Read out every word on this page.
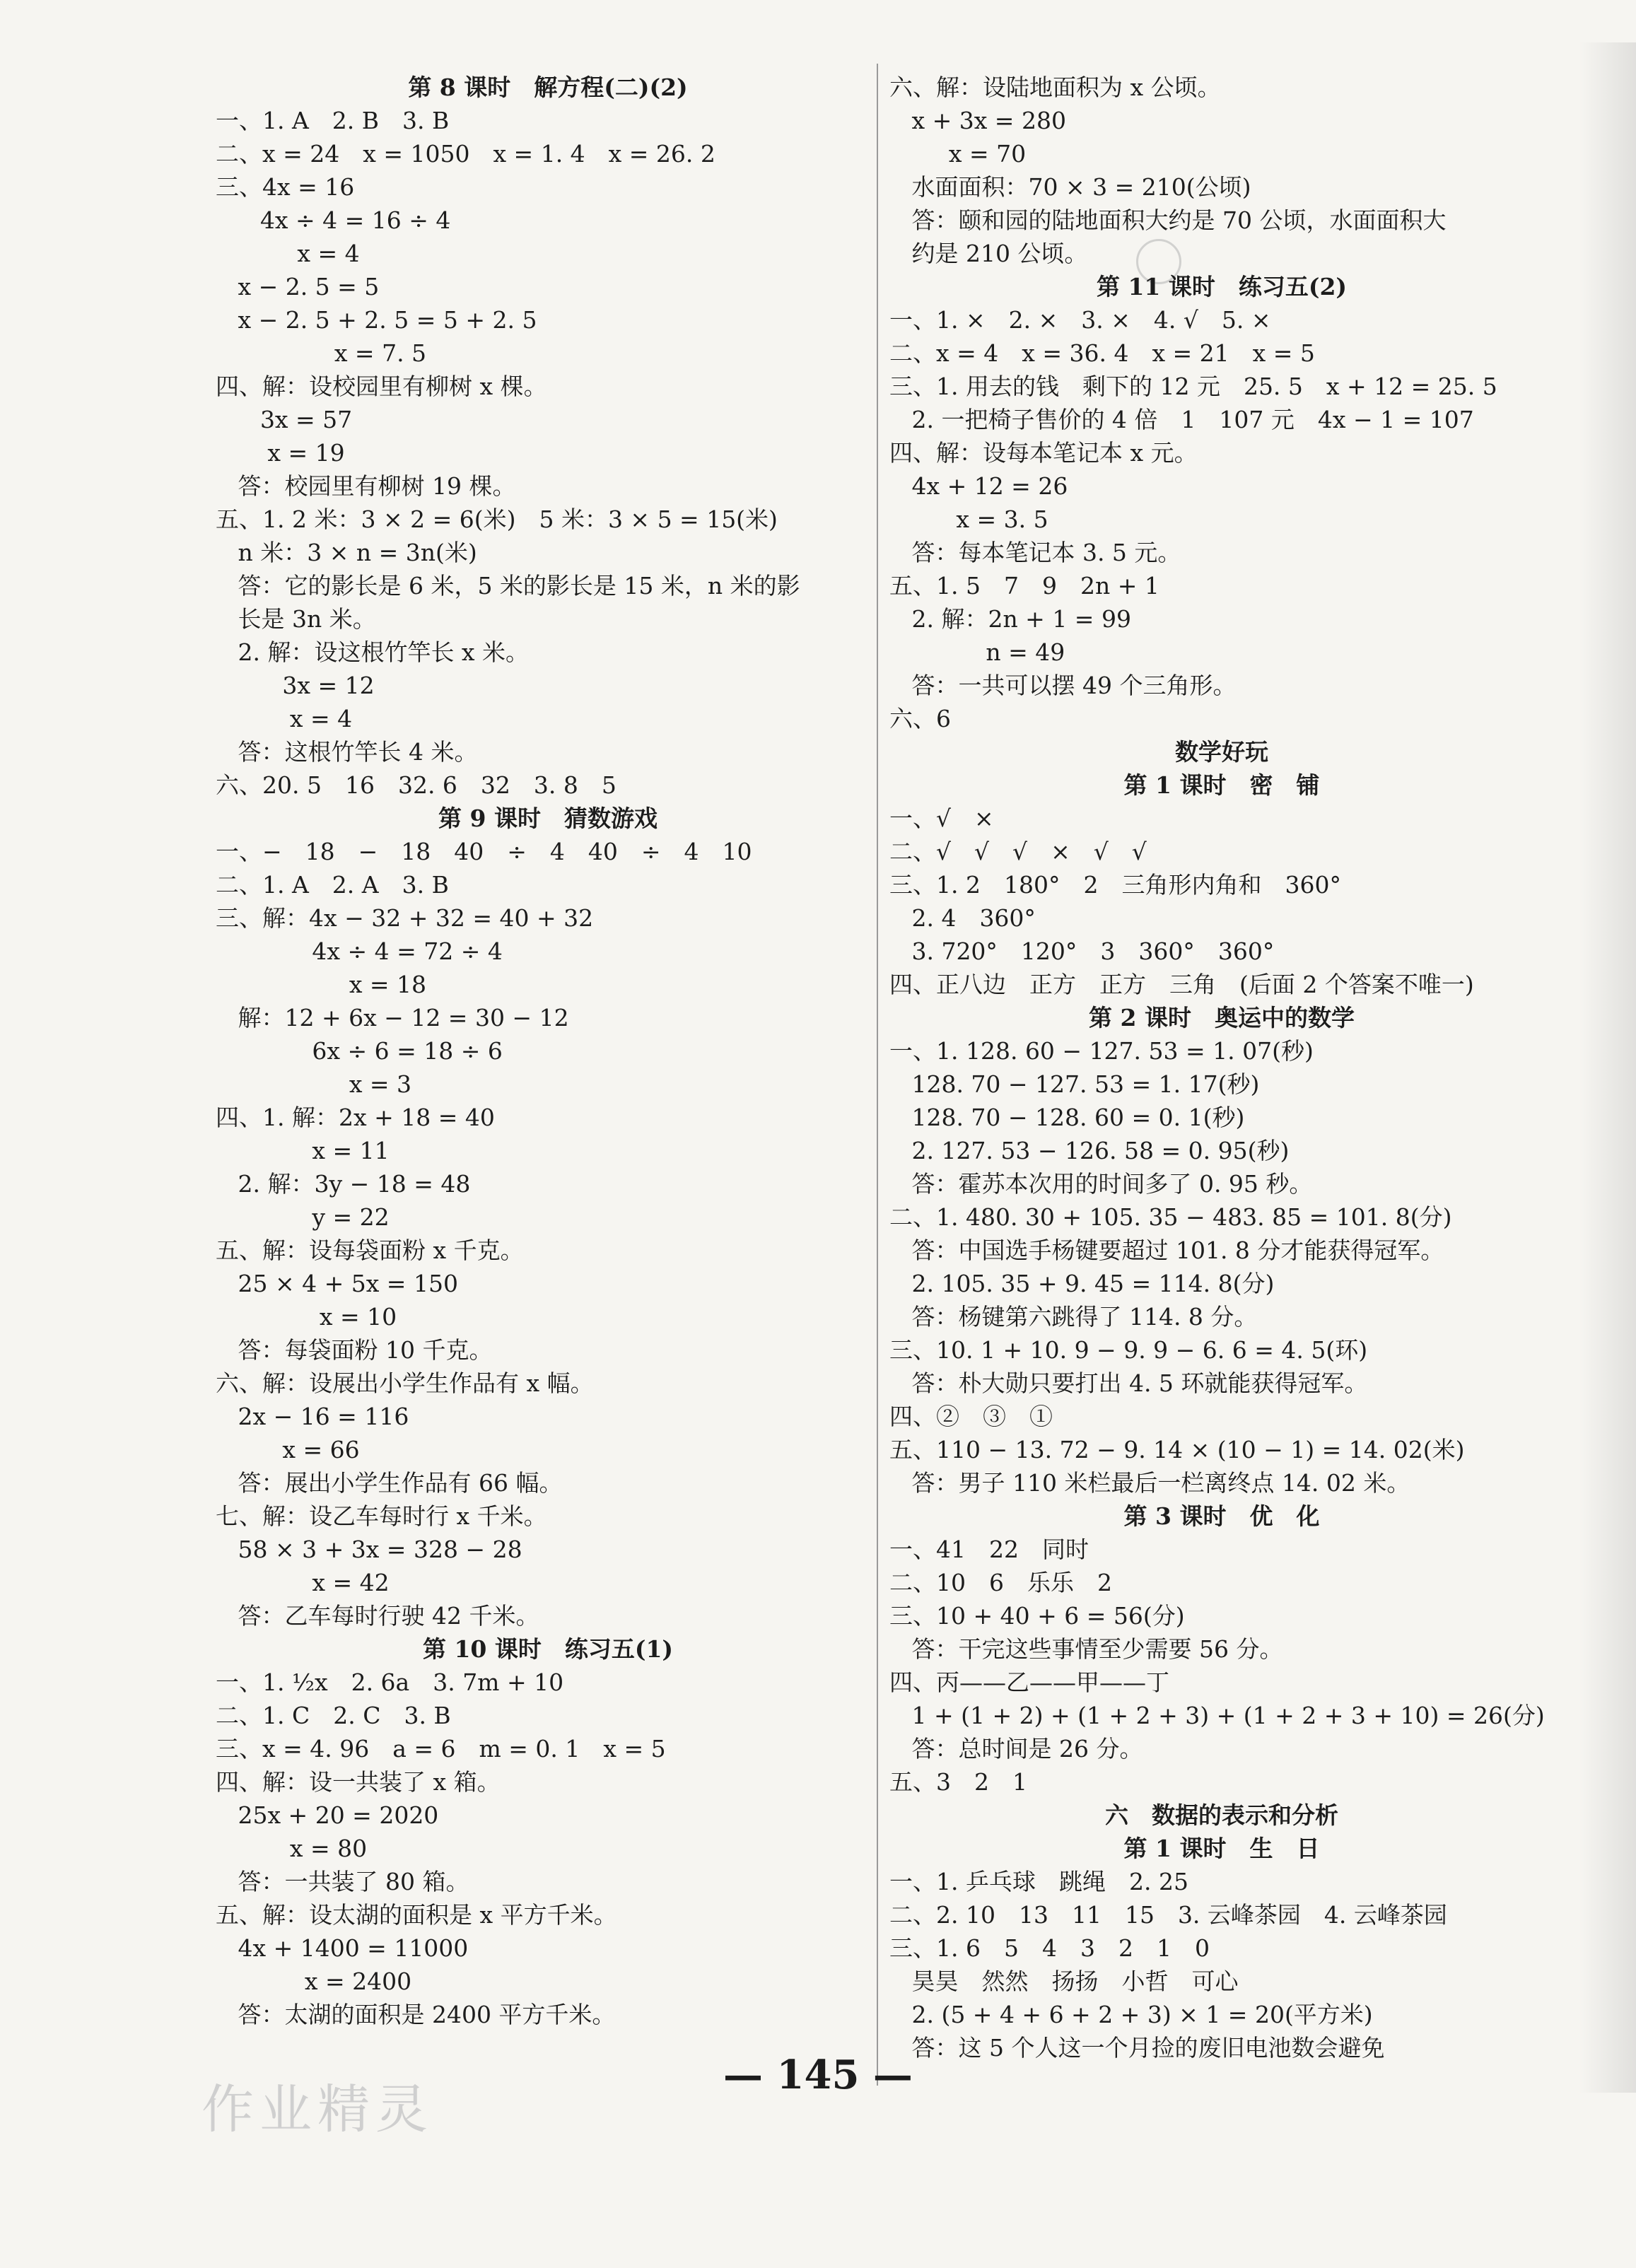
第 8 课时　解方程(二)(2)
一、1. A　2. B　3. B
二、x = 24　x = 1050　x = 1. 4　x = 26. 2
三、4x = 16
4x ÷ 4 = 16 ÷ 4
x = 4
x − 2. 5 = 5
x − 2. 5 + 2. 5 = 5 + 2. 5
x = 7. 5
四、解：设校园里有柳树 x 棵。
3x = 57
x = 19
答：校园里有柳树 19 棵。
五、1. 2 米：3 × 2 = 6(米)　5 米：3 × 5 = 15(米)
n 米：3 × n = 3n(米)
答：它的影长是 6 米，5 米的影长是 15 米，n 米的影
长是 3n 米。
2. 解：设这根竹竿长 x 米。
3x = 12
x = 4
答：这根竹竿长 4 米。
六、20. 5　16　32. 6　32　3. 8　5
第 9 课时　猜数游戏
一、−　18　−　18　40　÷　4　40　÷　4　10
二、1. A　2. A　3. B
三、解：4x − 32 + 32 = 40 + 32
4x ÷ 4 = 72 ÷ 4
x = 18
解：12 + 6x − 12 = 30 − 12
6x ÷ 6 = 18 ÷ 6
x = 3
四、1. 解：2x + 18 = 40
x = 11
2. 解：3y − 18 = 48
y = 22
五、解：设每袋面粉 x 千克。
25 × 4 + 5x = 150
x = 10
答：每袋面粉 10 千克。
六、解：设展出小学生作品有 x 幅。
2x − 16 = 116
x = 66
答：展出小学生作品有 66 幅。
七、解：设乙车每时行 x 千米。
58 × 3 + 3x = 328 − 28
x = 42
答：乙车每时行驶 42 千米。
第 10 课时　练习五(1)
一、1. ½x　2. 6a　3. 7m + 10
二、1. C　2. C　3. B
三、x = 4. 96　a = 6　m = 0. 1　x = 5
四、解：设一共装了 x 箱。
25x + 20 = 2020
x = 80
答：一共装了 80 箱。
五、解：设太湖的面积是 x 平方千米。
4x + 1400 = 11000
x = 2400
答：太湖的面积是 2400 平方千米。
六、解：设陆地面积为 x 公顷。
x + 3x = 280
x = 70
水面面积：70 × 3 = 210(公顷)
答：颐和园的陆地面积大约是 70 公顷，水面面积大
约是 210 公顷。
第 11 课时　练习五(2)
一、1. ×　2. ×　3. ×　4. √　5. ×
二、x = 4　x = 36. 4　x = 21　x = 5
三、1. 用去的钱　剩下的 12 元　25. 5　x + 12 = 25. 5
2. 一把椅子售价的 4 倍　1　107 元　4x − 1 = 107
四、解：设每本笔记本 x 元。
4x + 12 = 26
x = 3. 5
答：每本笔记本 3. 5 元。
五、1. 5　7　9　2n + 1
2. 解：2n + 1 = 99
n = 49
答：一共可以摆 49 个三角形。
六、6
数学好玩
第 1 课时　密　铺
一、√　×
二、√　√　√　×　√　√
三、1. 2　180°　2　三角形内角和　360°
2. 4　360°
3. 720°　120°　3　360°　360°
四、正八边　正方　正方　三角　(后面 2 个答案不唯一)
第 2 课时　奥运中的数学
一、1. 128. 60 − 127. 53 = 1. 07(秒)
128. 70 − 127. 53 = 1. 17(秒)
128. 70 − 128. 60 = 0. 1(秒)
2. 127. 53 − 126. 58 = 0. 95(秒)
答：霍苏本次用的时间多了 0. 95 秒。
二、1. 480. 30 + 105. 35 − 483. 85 = 101. 8(分)
答：中国选手杨键要超过 101. 8 分才能获得冠军。
2. 105. 35 + 9. 45 = 114. 8(分)
答：杨键第六跳得了 114. 8 分。
三、10. 1 + 10. 9 − 9. 9 − 6. 6 = 4. 5(环)
答：朴大勋只要打出 4. 5 环就能获得冠军。
四、②　③　①
五、110 − 13. 72 − 9. 14 × (10 − 1) = 14. 02(米)
答：男子 110 米栏最后一栏离终点 14. 02 米。
第 3 课时　优　化
一、41　22　同时
二、10　6　乐乐　2
三、10 + 40 + 6 = 56(分)
答：干完这些事情至少需要 56 分。
四、丙——乙——甲——丁
1 + (1 + 2) + (1 + 2 + 3) + (1 + 2 + 3 + 10) = 26(分)
答：总时间是 26 分。
五、3　2　1
六　数据的表示和分析
第 1 课时　生　日
一、1. 乒乓球　跳绳　2. 25
二、2. 10　13　11　15　3. 云峰茶园　4. 云峰茶园
三、1. 6　5　4　3　2　1　0
昊昊　然然　扬扬　小哲　可心
2. (5 + 4 + 6 + 2 + 3) × 1 = 20(平方米)
答：这 5 个人这一个月捡的废旧电池数会避免
— 145 —
作业精灵
